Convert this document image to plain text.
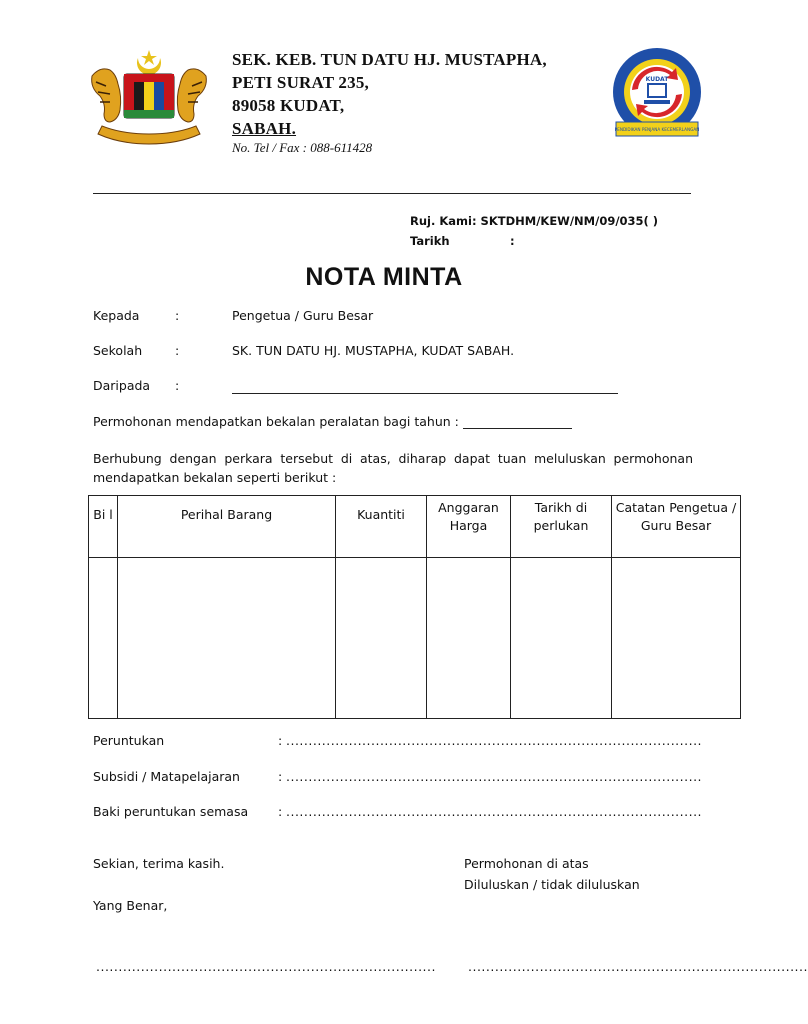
KUDAT
PENDIDIKAN PENJANA KECEMERLANGAN
SEK. KEB. TUN DATU HJ. MUSTAPHA,
PETI SURAT 235,
89058 KUDAT,
SABAH.
No. Tel / Fax : 088-611428
Ruj. Kami: SKTDHM/KEW/NM/09/035( )
Tarikh	:
NOTA MINTA
Kepada	:	Pengetua / Guru Besar
Sekolah	:	SK. TUN DATU HJ. MUSTAPHA, KUDAT SABAH.
Daripada :
Permohonan mendapatkan bekalan peralatan bagi tahun :
Berhubung dengan perkara tersebut di atas, diharap dapat tuan meluluskan permohonan mendapatkan bekalan seperti berikut :
Bi l	Perihal Barang	Kuantiti	Anggaran Harga	Tarikh di perlukan	Catatan Pengetua / Guru Besar

Peruntukan	: .............................................................................................
Subsidi / Matapelajaran	: .............................................................................................
Baki peruntukan semasa : .............................................................................................
Sekian, terima kasih.
Yang Benar,
Permohonan di atas
Diluluskan / tidak diluluskan
............................................................................	............................................................................
